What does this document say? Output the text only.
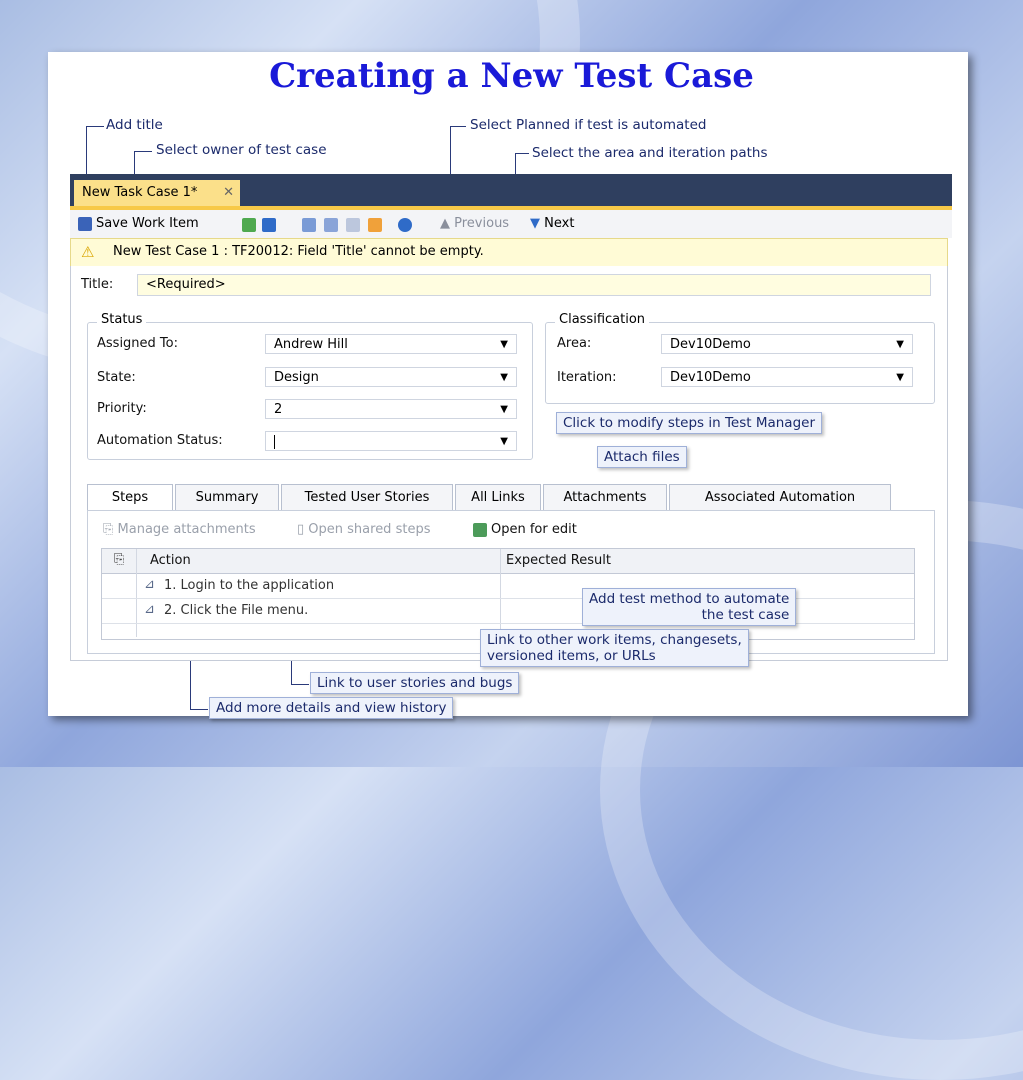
Creating a New Test Case
New Task Case 1* ✕
Save Work Item	▲ Previous ▼ Next
⚠ New Test Case 1 : TF20012: Field 'Title' cannot be empty.
Title:	<Required>
Status
Assigned To:	Andrew Hill	▼
State:	Design	▼
Priority:	2	▼
Automation Status:	▼
Classification
Area:	Dev10Demo	▼
Iteration:	Dev10Demo	▼
Steps	Summary	Tested User Stories	All Links	Attachments	Associated Automation
⎘ Manage attachments	▯ Open shared steps	Open for edit
⎘ Action	Expected Result
⊿ 1. Login to the application
⊿ 2. Click the File menu.
Add title
Select owner of test case
Select Planned if test is automated
Select the area and iteration paths
Click to modify steps in Test Manager
Attach files
Add test method to automate
the test case
Link to other work items, changesets,
versioned items, or URLs
Link to user stories and bugs
Add more details and view history
